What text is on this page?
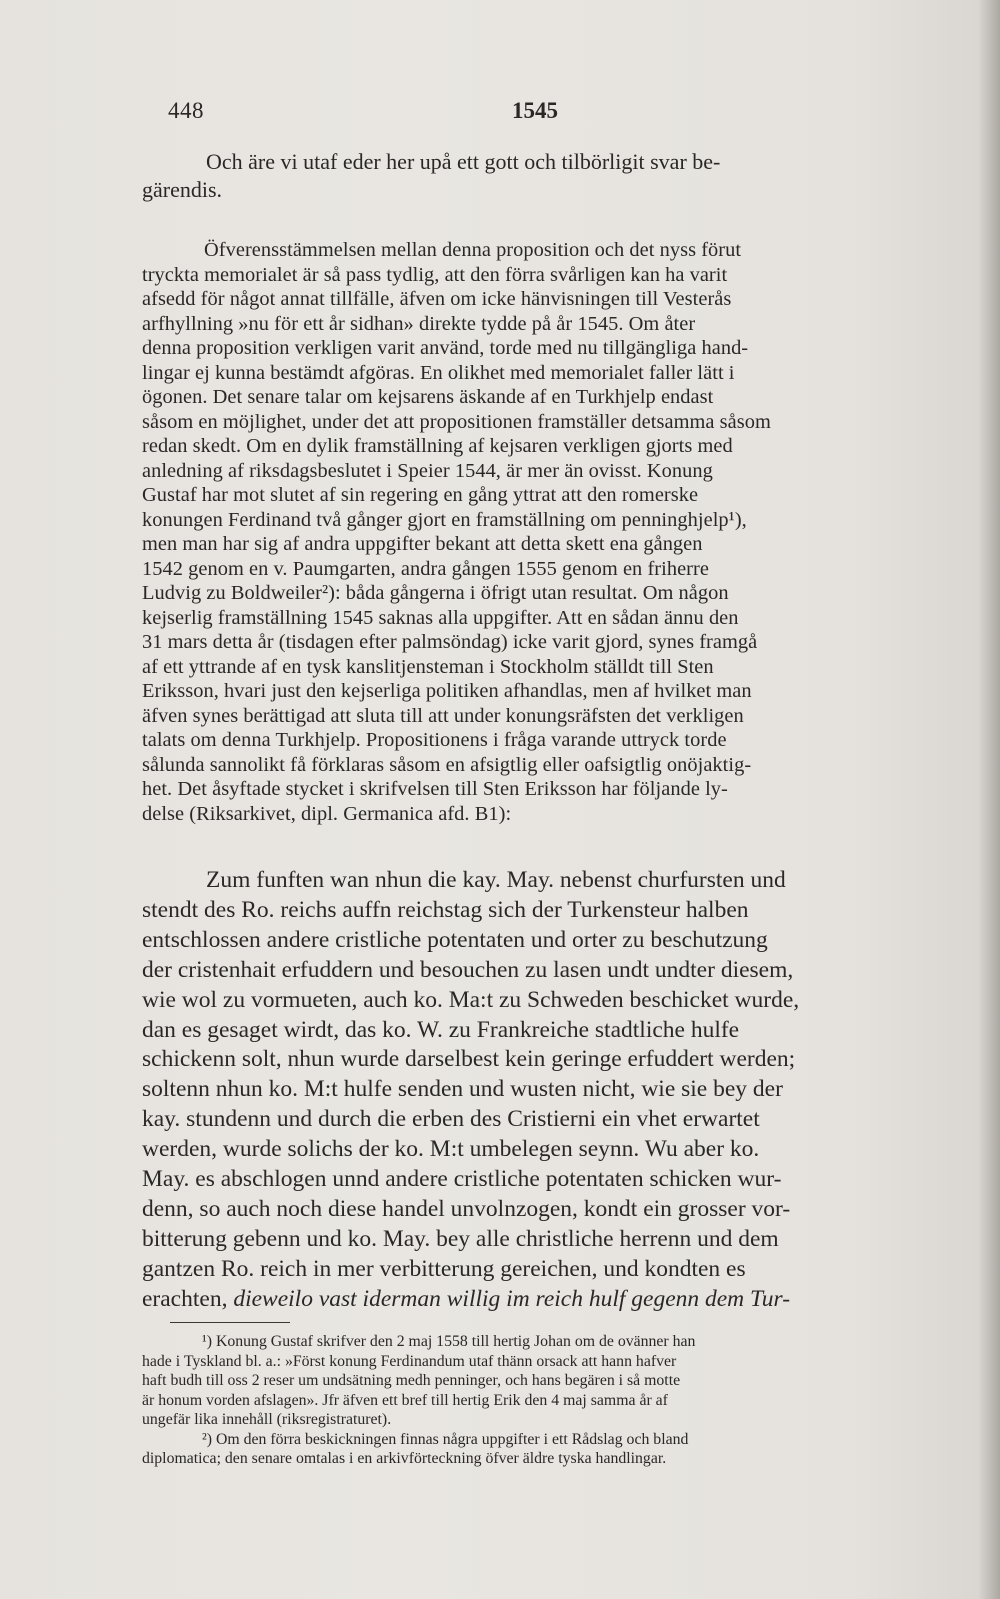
448	1545
Och äre vi utaf eder her upå ett gott och tilbörligit svar be-
gärendis.
Öfverensstämmelsen mellan denna proposition och det nyss förut
tryckta memorialet är så pass tydlig, att den förra svårligen kan ha varit
afsedd för något annat tillfälle, äfven om icke hänvisningen till Vesterås
arfhyllning »nu för ett år sidhan» direkte tydde på år 1545. Om åter
denna proposition verkligen varit använd, torde med nu tillgängliga hand-
lingar ej kunna bestämdt afgöras. En olikhet med memorialet faller lätt i
ögonen. Det senare talar om kejsarens äskande af en Turkhjelp endast
såsom en möjlighet, under det att propositionen framställer detsamma såsom
redan skedt. Om en dylik framställning af kejsaren verkligen gjorts med
anledning af riksdagsbeslutet i Speier 1544, är mer än ovisst. Konung
Gustaf har mot slutet af sin regering en gång yttrat att den romerske
konungen Ferdinand två gånger gjort en framställning om penninghjelp¹),
men man har sig af andra uppgifter bekant att detta skett ena gången
1542 genom en v. Paumgarten, andra gången 1555 genom en friherre
Ludvig zu Boldweiler²): båda gångerna i öfrigt utan resultat. Om någon
kejserlig framställning 1545 saknas alla uppgifter. Att en sådan ännu den
31 mars detta år (tisdagen efter palmsöndag) icke varit gjord, synes framgå
af ett yttrande af en tysk kanslitjensteman i Stockholm ställdt till Sten
Eriksson, hvari just den kejserliga politiken afhandlas, men af hvilket man
äfven synes berättigad att sluta till att under konungsräfsten det verkligen
talats om denna Turkhjelp. Propositionens i fråga varande uttryck torde
sålunda sannolikt få förklaras såsom en afsigtlig eller oafsigtlig onöjaktig-
het. Det åsyftade stycket i skrifvelsen till Sten Eriksson har följande ly-
delse (Riksarkivet, dipl. Germanica afd. B1):
Zum funften wan nhun die kay. May. nebenst churfursten und
stendt des Ro. reichs auffn reichstag sich der Turkensteur halben
entschlossen andere cristliche potentaten und orter zu beschutzung
der cristenhait erfuddern und besouchen zu lasen undt undter diesem,
wie wol zu vormueten, auch ko. Ma:t zu Schweden beschicket wurde,
dan es gesaget wirdt, das ko. W. zu Frankreiche stadtliche hulfe
schickenn solt, nhun wurde darselbest kein geringe erfuddert werden;
soltenn nhun ko. M:t hulfe senden und wusten nicht, wie sie bey der
kay. stundenn und durch die erben des Cristierni ein vhet erwartet
werden, wurde solichs der ko. M:t umbelegen seynn. Wu aber ko.
May. es abschlogen unnd andere cristliche potentaten schicken wur-
denn, so auch noch diese handel unvolnzogen, kondt ein grosser vor-
bitterung gebenn und ko. May. bey alle christliche herrenn und dem
gantzen Ro. reich in mer verbitterung gereichen, und kondten es
erachten, dieweilo vast iderman willig im reich hulf gegenn dem Tur-
¹) Konung Gustaf skrifver den 2 maj 1558 till hertig Johan om de ovänner han
hade i Tyskland bl. a.: »Först konung Ferdinandum utaf thänn orsack att hann hafver
haft budh till oss 2 reser um undsätning medh penninger, och hans begären i så motte
är honum vorden afslagen». Jfr äfven ett bref till hertig Erik den 4 maj samma år af
ungefär lika innehåll (riksregistraturet).
²) Om den förra beskickningen finnas några uppgifter i ett Rådslag och bland
diplomatica; den senare omtalas i en arkivförteckning öfver äldre tyska handlingar.
